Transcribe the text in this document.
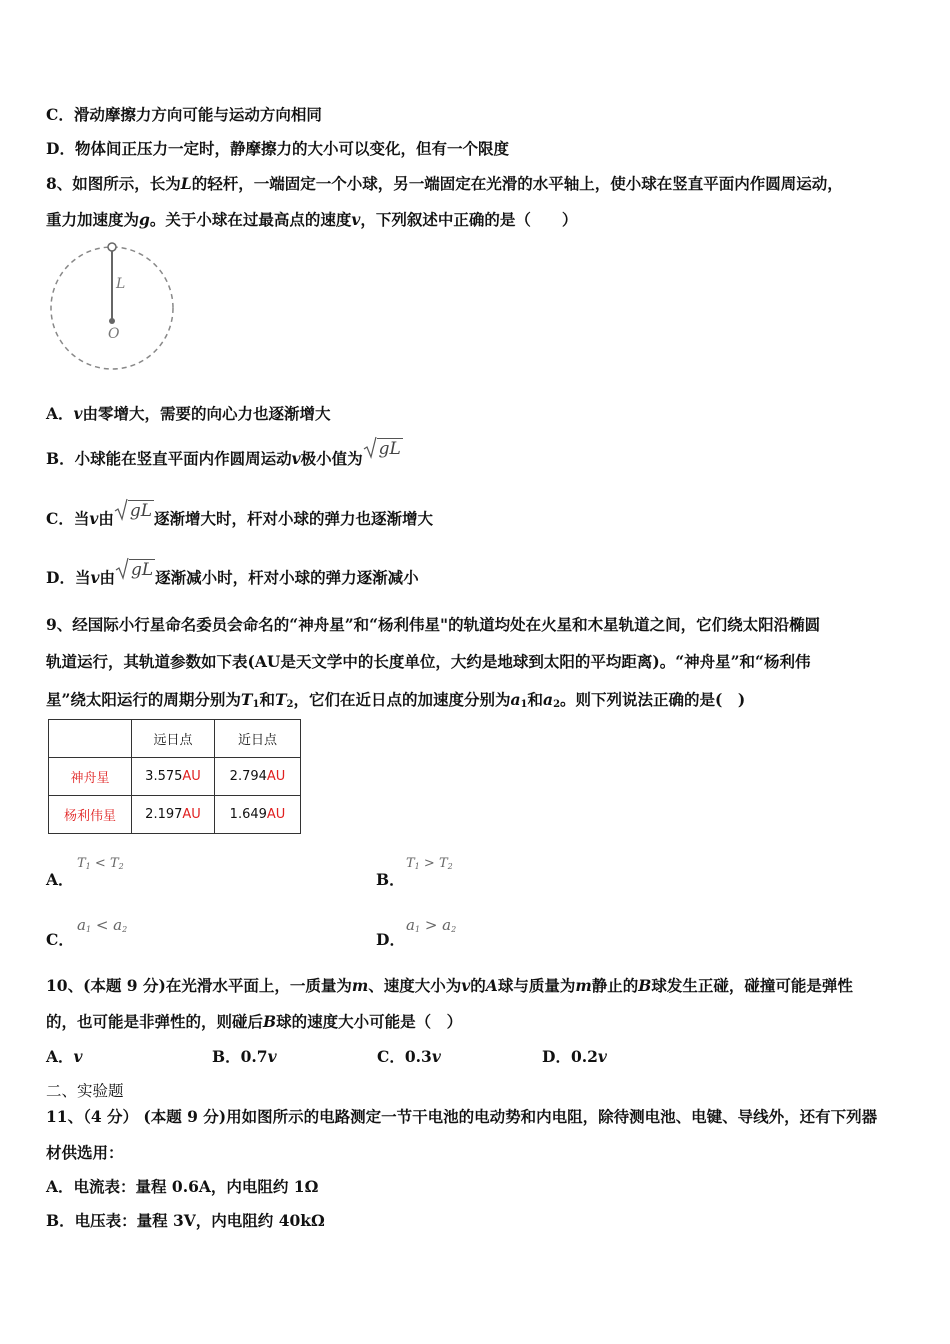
C．滑动摩擦力方向可能与运动方向相同
D．物体间正压力一定时，静摩擦力的大小可以变化，但有一个限度
8、如图所示，长为L的轻杆，一端固定一个小球，另一端固定在光滑的水平轴上，使小球在竖直平面内作圆周运动，
重力加速度为g。关于小球在过最高点的速度v，下列叙述中正确的是（　　）
L
O
A．v由零增大，需要的向心力也逐渐增大
B．小球能在竖直平面内作圆周运动v极小值为 gL
C．当v由 gL 逐渐增大时，杆对小球的弹力也逐渐增大
D．当v由 gL 逐渐减小时，杆对小球的弹力逐渐减小
9、经国际小行星命名委员会命名的“神舟星”和“杨利伟星"的轨道均处在火星和木星轨道之间，它们绕太阳沿椭圆
轨道运行，其轨道参数如下表(AU是天文学中的长度单位，大约是地球到太阳的平均距离)。“神舟星”和“杨利伟
星”绕太阳运行的周期分别为$T_1$和$T_2$，它们在近日点的加速度分别为$a_1$和$a_2$。则下列说法正确的是(　)
	远日点	近日点
神舟星	3.575AU	2.794AU
杨利伟星	2.197AU	1.649AU
A．
$T_1 < T_2$
B．
$T_1 > T_2$
C．
$a_1 < a_2$
D．
$a_1 > a_2$
10、(本题 9 分)在光滑水平面上，一质量为m、速度大小为v的A球与质量为m静止的B球发生正碰，碰撞可能是弹性
的，也可能是非弹性的，则碰后B球的速度大小可能是（　）
A．v	B．0.7v	C．0.3v	D．0.2v
二、实验题
11、（4 分） (本题 9 分)用如图所示的电路测定一节干电池的电动势和内电阻，除待测电池、电键、导线外，还有下列器
材供选用：
A．电流表：量程 0.6A，内电阻约 1Ω
B．电压表：量程 3V，内电阻约 40kΩ
